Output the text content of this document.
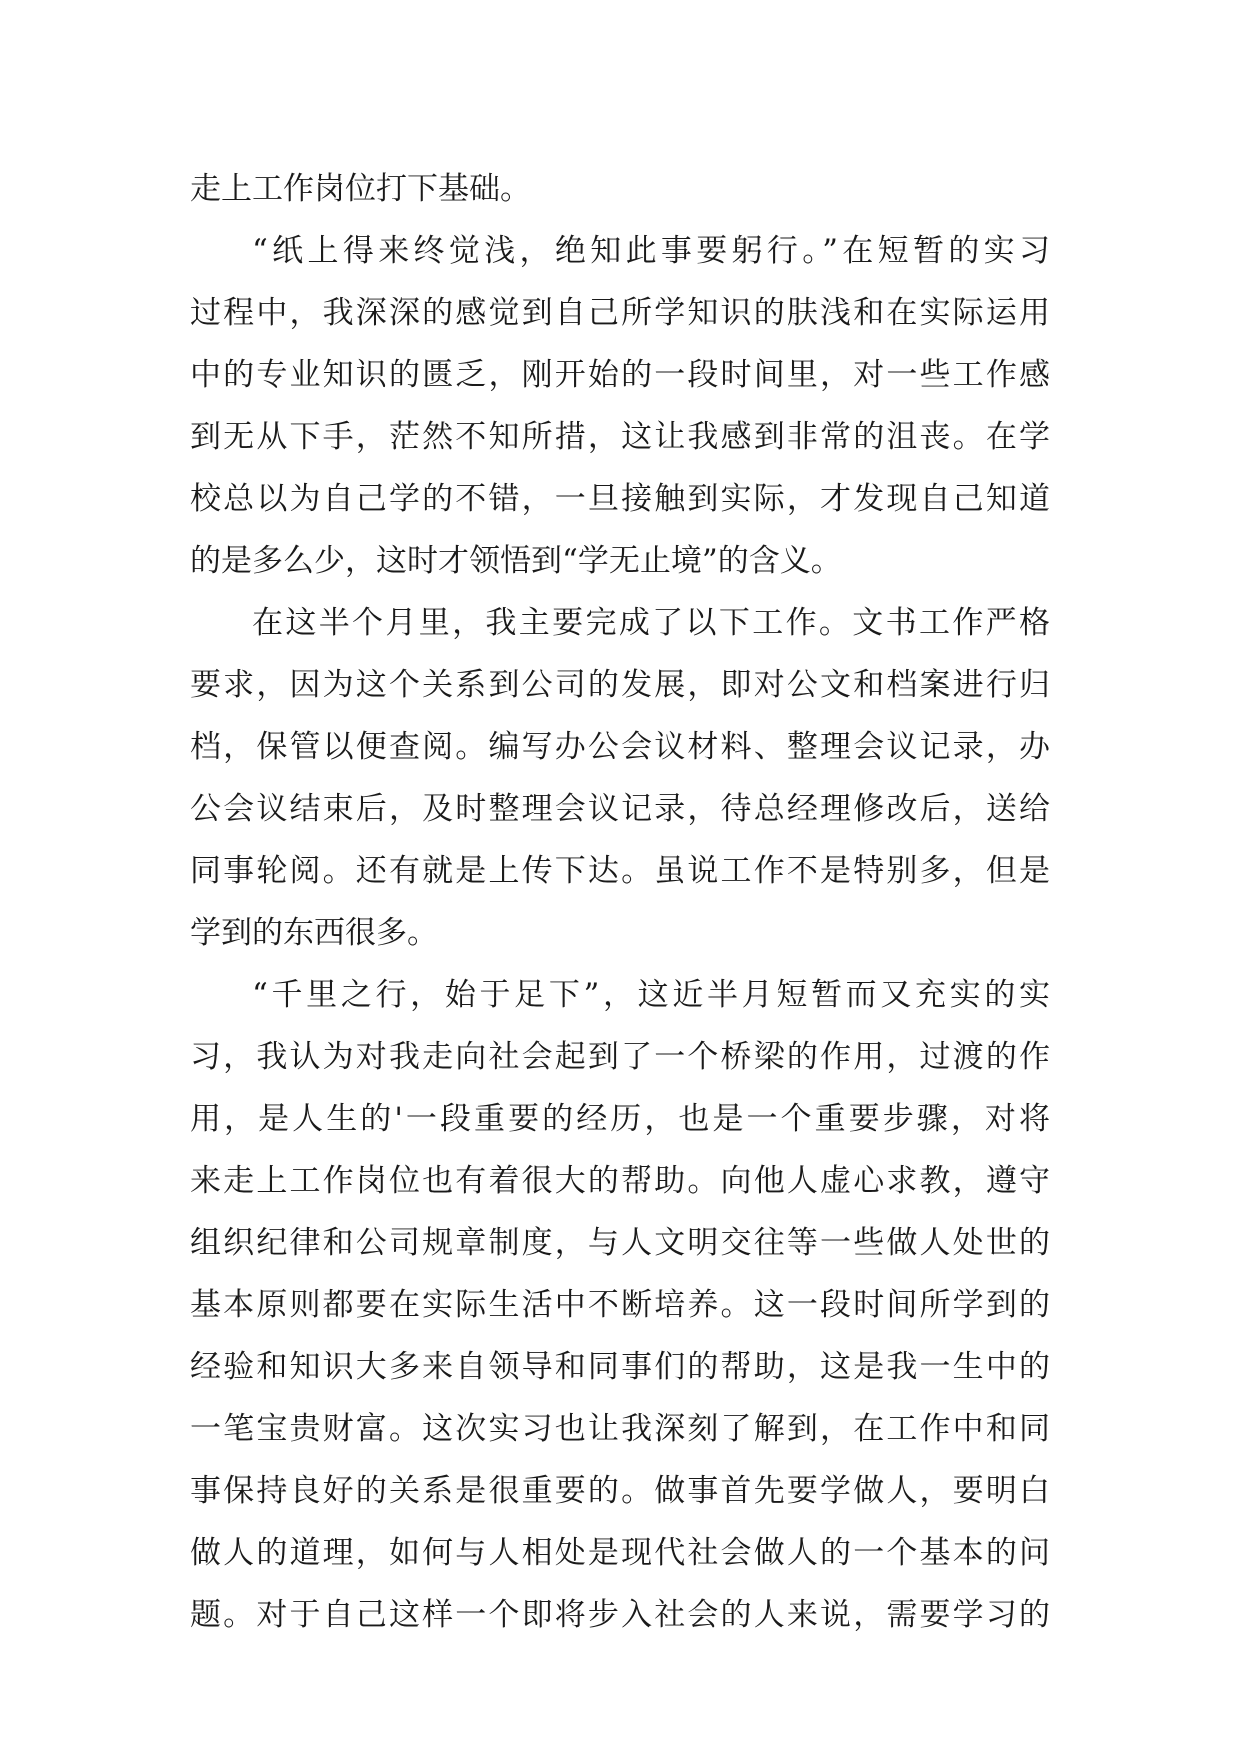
走上工作岗位打下基础。
“纸上得来终觉浅，绝知此事要躬行。”在短暂的实习
过程中，我深深的感觉到自己所学知识的肤浅和在实际运用
中的专业知识的匮乏，刚开始的一段时间里，对一些工作感
到无从下手，茫然不知所措，这让我感到非常的沮丧。在学
校总以为自己学的不错，一旦接触到实际，才发现自己知道
的是多么少，这时才领悟到“学无止境”的含义。
在这半个月里，我主要完成了以下工作。文书工作严格
要求，因为这个关系到公司的发展，即对公文和档案进行归
档，保管以便查阅。编写办公会议材料、整理会议记录，办
公会议结束后，及时整理会议记录，待总经理修改后，送给
同事轮阅。还有就是上传下达。虽说工作不是特别多，但是
学到的东西很多。
“千里之行，始于足下”，这近半月短暂而又充实的实
习，我认为对我走向社会起到了一个桥梁的作用，过渡的作
用，是人生的'一段重要的经历，也是一个重要步骤，对将
来走上工作岗位也有着很大的帮助。向他人虚心求教，遵守
组织纪律和公司规章制度，与人文明交往等一些做人处世的
基本原则都要在实际生活中不断培养。这一段时间所学到的
经验和知识大多来自领导和同事们的帮助，这是我一生中的
一笔宝贵财富。这次实习也让我深刻了解到，在工作中和同
事保持良好的关系是很重要的。做事首先要学做人，要明白
做人的道理，如何与人相处是现代社会做人的一个基本的问
题。对于自己这样一个即将步入社会的人来说，需要学习的
